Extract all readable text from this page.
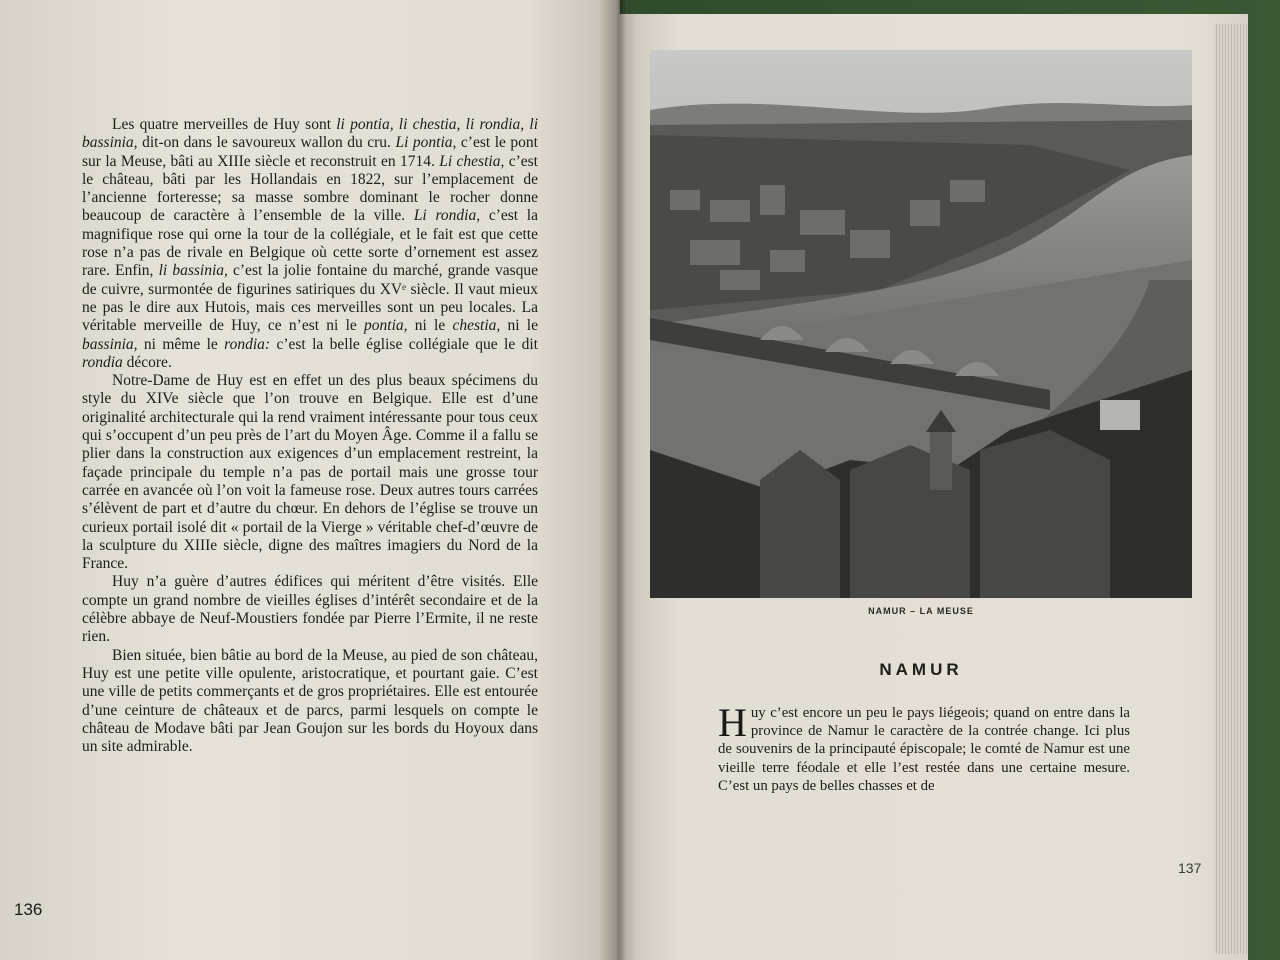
Les quatre merveilles de Huy sont li pontia, li chestia, li rondia, li bassinia, dit-on dans le savoureux wallon du cru. Li pontia, c’est le pont sur la Meuse, bâti au XIIIe siècle et reconstruit en 1714. Li chestia, c’est le château, bâti par les Hollandais en 1822, sur l’emplacement de l’ancienne forteresse; sa masse sombre dominant le rocher donne beaucoup de caractère à l’ensemble de la ville. Li rondia, c’est la magnifique rose qui orne la tour de la collégiale, et le fait est que cette rose n’a pas de rivale en Belgique où cette sorte d’ornement est assez rare. Enfin, li bassinia, c’est la jolie fontaine du marché, grande vasque de cuivre, surmontée de figurines satiriques du XVᵉ siècle. Il vaut mieux ne pas le dire aux Hutois, mais ces merveilles sont un peu locales. La véritable merveille de Huy, ce n’est ni le pontia, ni le chestia, ni le bassinia, ni même le rondia: c’est la belle église collégiale que le dit rondia décore.

Notre-Dame de Huy est en effet un des plus beaux spécimens du style du XIVe siècle que l’on trouve en Belgique. Elle est d’une originalité architecturale qui la rend vraiment intéressante pour tous ceux qui s’occupent d’un peu près de l’art du Moyen Âge. Comme il a fallu se plier dans la construction aux exigences d’un emplacement restreint, la façade principale du temple n’a pas de portail mais une grosse tour carrée en avancée où l’on voit la fameuse rose. Deux autres tours carrées s’élèvent de part et d’autre du chœur. En dehors de l’église se trouve un curieux portail isolé dit « portail de la Vierge » véritable chef-d’œuvre de la sculpture du XIIIe siècle, digne des maîtres imagiers du Nord de la France.

Huy n’a guère d’autres édifices qui méritent d’être visités. Elle compte un grand nombre de vieilles églises d’intérêt secondaire et de la célèbre abbaye de Neuf-Moustiers fondée par Pierre l’Ermite, il ne reste rien.

Bien située, bien bâtie au bord de la Meuse, au pied de son château, Huy est une petite ville opulente, aristocratique, et pourtant gaie. C’est une ville de petits commerçants et de gros propriétaires. Elle est entourée d’une ceinture de châteaux et de parcs, parmi lesquels on compte le château de Modave bâti par Jean Goujon sur les bords du Hoyoux dans un site admirable.

136
NAMUR – LA MEUSE
NAMUR
Huy c’est encore un peu le pays liégeois; quand on entre dans la province de Namur le caractère de la contrée change. Ici plus de souvenirs de la principauté épiscopale; le comté de Namur est une vieille terre féodale et elle l’est restée dans une certaine mesure. C’est un pays de belles chasses et de
137
